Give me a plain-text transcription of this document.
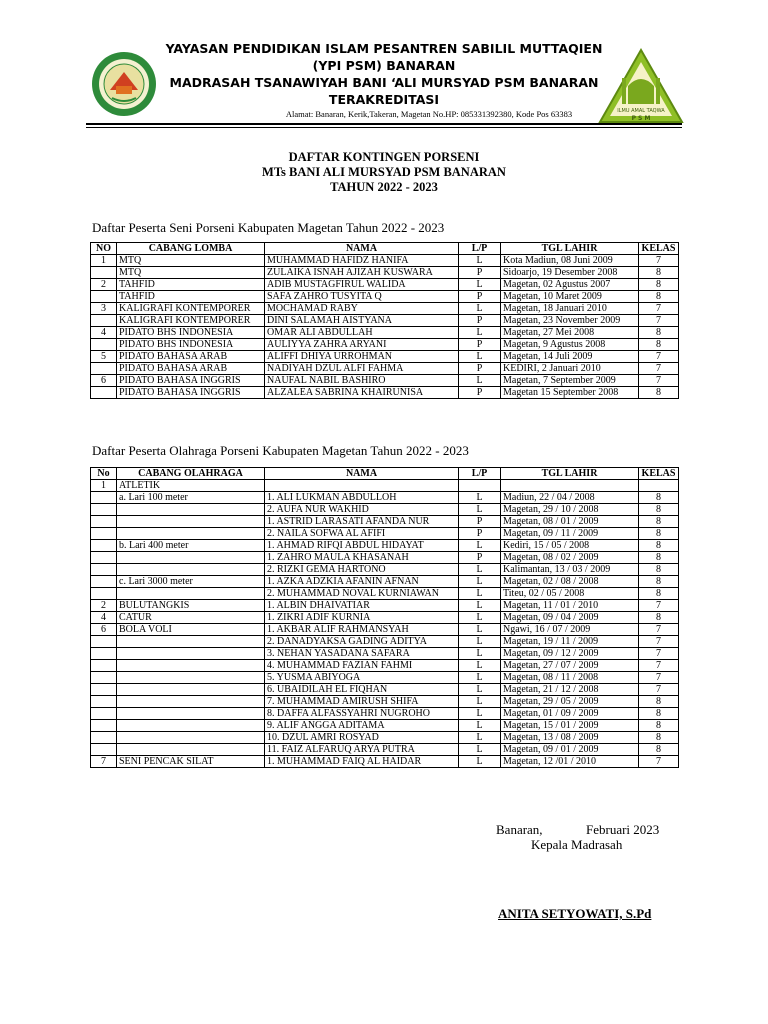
ILMU AMAL TAQWA
P S M
YAYASAN PENDIDIKAN ISLAM PESANTREN SABILIL MUTTAQIEN
(YPI PSM) BANARAN
MADRASAH TSANAWIYAH BANI ‘ALI MURSYAD PSM BANARAN
TERAKREDITASI
Alamat: Banaran, Kerik,Takeran, Magetan No.HP: 085331392380, Kode Pos 63383
DAFTAR KONTINGEN PORSENI
MTs BANI ALI MURSYAD PSM BANARAN
TAHUN 2022 - 2023
Daftar Peserta Seni Porseni Kabupaten Magetan Tahun 2022 - 2023
NO	CABANG LOMBA	NAMA	L/P	TGL LAHIR	KELAS
1	MTQ	MUHAMMAD HAFIDZ HANIFA	L	Kota Madiun, 08 Juni 2009	7
	MTQ	ZULAIKA ISNAH AJIZAH KUSWARA	P	Sidoarjo, 19 Desember 2008	8
2	TAHFID	ADIB MUSTAGFIRUL WALIDA	L	Magetan, 02 Agustus 2007	8
	TAHFID	SAFA ZAHRO TUSYITA Q	P	Magetan, 10 Maret 2009	8
3	KALIGRAFI KONTEMPORER	MOCHAMAD RABY	L	Magetan, 18 Januari 2010	7
	KALIGRAFI KONTEMPORER	DINI SALAMAH AISTYANA	P	Magetan, 23 November 2009	7
4	PIDATO BHS INDONESIA	OMAR ALI ABDULLAH	L	Magetan, 27 Mei 2008	8
	PIDATO BHS INDONESIA	AULIYYA ZAHRA ARYANI	P	Magetan, 9 Agustus 2008	8
5	PIDATO BAHASA ARAB	ALIFFI DHIYA URROHMAN	L	Magetan, 14 Juli 2009	7
	PIDATO BAHASA ARAB	NADIYAH DZUL ALFI FAHMA	P	KEDIRI, 2 Januari 2010	7
6	PIDATO BAHASA INGGRIS	NAUFAL NABIL BASHIRO	L	Magetan, 7 September 2009	7
	PIDATO BAHASA INGGRIS	ALZALEA SABRINA KHAIRUNISA	P	Magetan 15 September 2008	8
Daftar Peserta Olahraga Porseni Kabupaten Magetan Tahun 2022 - 2023
No	CABANG OLAHRAGA	NAMA	L/P	TGL LAHIR	KELAS
1	ATLETIK				
	a. Lari 100 meter	1. ALI LUKMAN ABDULLOH	L	Madiun, 22 / 04 / 2008	8
		2. AUFA NUR WAKHID	L	Magetan, 29 / 10 / 2008	8
		1. ASTRID LARASATI AFANDA NUR	P	Magetan, 08 / 01 / 2009	8
		2. NAILA SOFWA AL AFIFI	P	Magetan, 09 / 11 / 2009	8
	b. Lari 400 meter	1. AHMAD RIFQI ABDUL HIDAYAT	L	Kediri, 15 / 05 / 2008	8
		1. ZAHRO MAULA KHASANAH	P	Magetan, 08 / 02 / 2009	8
		2. RIZKI GEMA HARTONO	L	Kalimantan, 13 / 03 / 2009	8
	c. Lari 3000 meter	1. AZKA ADZKIA AFANIN AFNAN	L	Magetan, 02 / 08 / 2008	8
		2. MUHAMMAD NOVAL KURNIAWAN	L	Titeu, 02 / 05 / 2008	8
2	BULUTANGKIS	1. ALBIN DHAIVATIAR	L	Magetan, 11 / 01 / 2010	7
4	CATUR	1. ZIKRI ADIF KURNIA	L	Magetan, 09 / 04 / 2009	8
6	BOLA VOLI	1. AKBAR ALIF RAHMANSYAH	L	Ngawi, 16 / 07 / 2009	7
		2. DANADYAKSA GADING ADITYA	L	Magetan, 19 / 11 / 2009	7
		3. NEHAN YASADANA SAFARA	L	Magetan, 09 / 12 / 2009	7
		4. MUHAMMAD FAZIAN FAHMI	L	Magetan, 27 / 07 / 2009	7
		5. YUSMA ABIYOGA	L	Magetan, 08 / 11 / 2008	7
		6. UBAIDILAH EL FIQHAN	L	Magetan, 21 / 12 / 2008	7
		7. MUHAMMAD AMIRUSH SHIFA	L	Magetan, 29 / 05 / 2009	8
		8. DAFFA ALFASSYAHRI NUGROHO	L	Magetan, 01 / 09 / 2009	8
		9. ALIF ANGGA ADITAMA	L	Magetan, 15 / 01 / 2009	8
		10. DZUL AMRI ROSYAD	L	Magetan, 13 / 08 / 2009	8
		11. FAIZ ALFARUQ ARYA PUTRA	L	Magetan, 09 / 01 / 2009	8
7	SENI PENCAK SILAT	1. MUHAMMAD FAIQ AL HAIDAR	L	Magetan, 12 /01 / 2010	7
Banaran,	Februari 2023
Kepala Madrasah
ANITA SETYOWATI, S.Pd
